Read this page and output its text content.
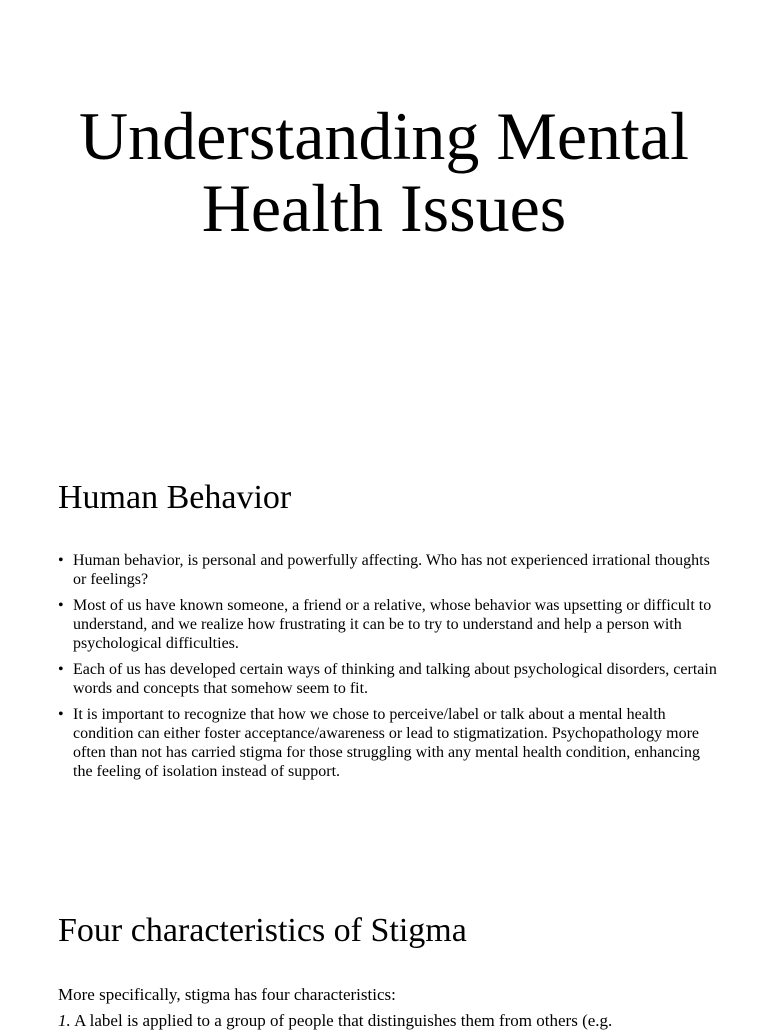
Understanding Mental Health Issues
Human Behavior
• Human behavior, is personal and powerfully affecting. Who has not experienced irrational thoughts or feelings?
• Most of us have known someone, a friend or a relative, whose behavior was upsetting or difficult to understand, and we realize how frustrating it can be to try to understand and help a person with psychological difficulties.
• Each of us has developed certain ways of thinking and talking about psychological disorders, certain words and concepts that somehow seem to fit.
• It is important to recognize that how we chose to perceive/label or talk about a mental health condition can either foster acceptance/awareness or lead to stigmatization. Psychopathology more often than not has carried stigma for those struggling with any mental health condition, enhancing the feeling of isolation instead of support.
Four characteristics of Stigma

More specifically, stigma has four characteristics:

1. A label is applied to a group of people that distinguishes them from others (e.g.
